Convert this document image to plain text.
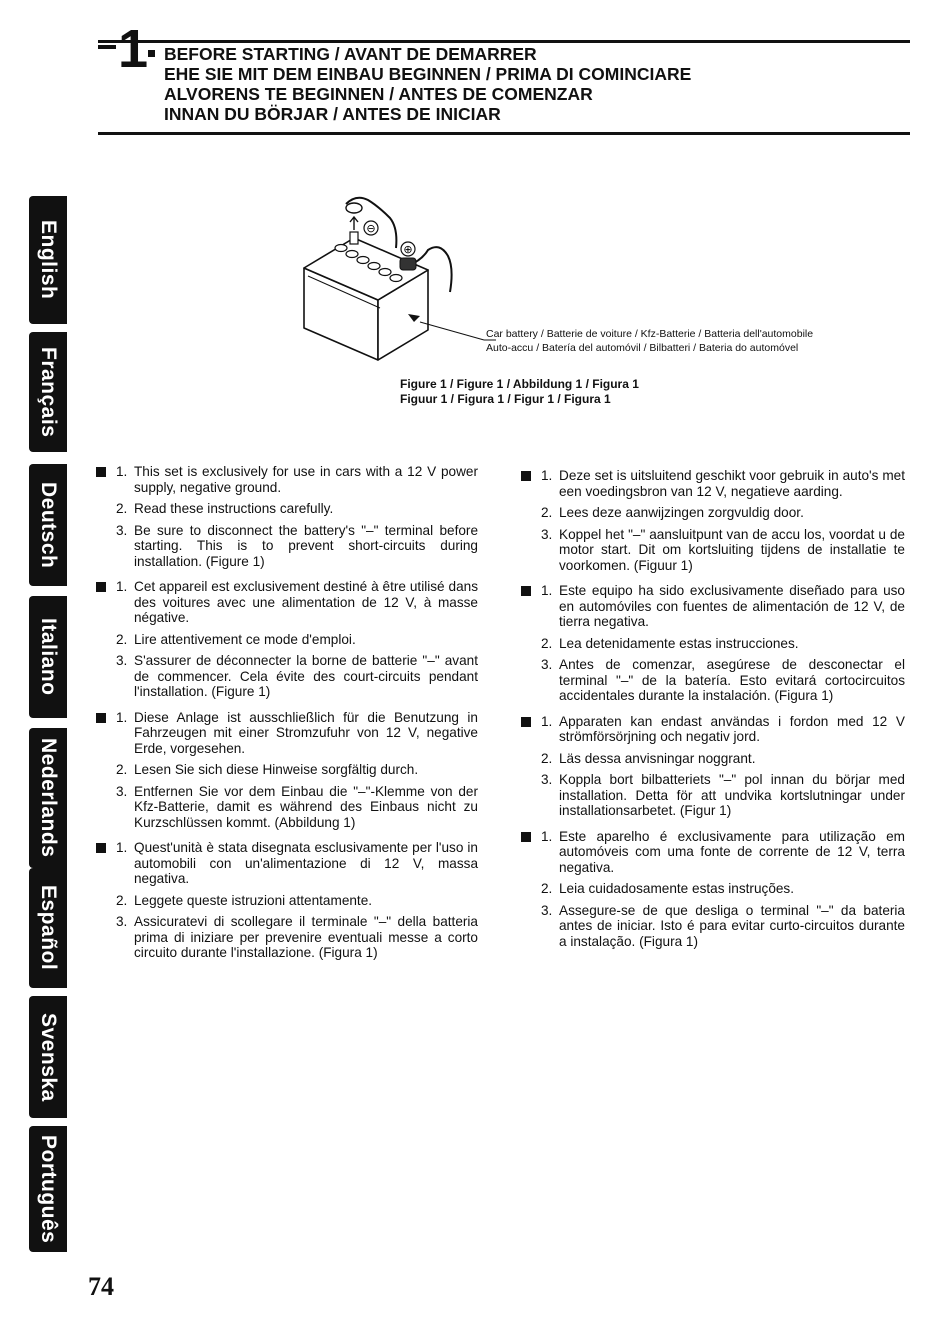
1 BEFORE STARTING / AVANT DE DEMARRER
EHE SIE MIT DEM EINBAU BEGINNEN / PRIMA DI COMINCIARE
ALVORENS TE BEGINNEN / ANTES DE COMENZAR
INNAN DU BÖRJAR / ANTES DE INICIAR
English
Français
Deutsch
Italiano
Nederlands
Español
Svenska
Português
⊖
⊕
Car battery / Batterie de voiture / Kfz-Batterie / Batteria dell'automobile
Auto-accu / Batería del automóvil / Bilbatteri / Bateria do automóvel
Figure 1 / Figure 1 / Abbildung 1 / Figura 1
Figuur 1 / Figura 1 / Figur 1 / Figura 1
1. This set is exclusively for use in cars with a 12 V power supply, negative ground.
2. Read these instructions carefully.
3. Be sure to disconnect the battery's "–" terminal before starting. This is to prevent short-circuits during installation. (Figure 1)
1. Cet appareil est exclusivement destiné à être utilisé dans des voitures avec une alimentation de 12 V, à masse négative.
2. Lire attentivement ce mode d'emploi.
3. S'assurer de déconnecter la borne de batterie "–" avant de commencer. Cela évite des court-circuits pendant l'installation. (Figure 1)
1. Diese Anlage ist ausschließlich für die Benutzung in Fahrzeugen mit einer Stromzufuhr von 12 V, negative Erde, vorgesehen.
2. Lesen Sie sich diese Hinweise sorgfältig durch.
3. Entfernen Sie vor dem Einbau die "–"-Klemme von der Kfz-Batterie, damit es während des Einbaus nicht zu Kurzschlüssen kommt. (Abbildung 1)
1. Quest'unità è stata disegnata esclusivamente per l'uso in automobili con un'alimentazione di 12 V, massa negativa.
2. Leggete queste istruzioni attentamente.
3. Assicuratevi di scollegare il terminale "–" della batteria prima di iniziare per prevenire eventuali messe a corto circuito durante l'installazione. (Figura 1)
1. Deze set is uitsluitend geschikt voor gebruik in auto's met een voedingsbron van 12 V, negatieve aarding.
2. Lees deze aanwijzingen zorgvuldig door.
3. Koppel het "–" aansluitpunt van de accu los, voordat u de motor start. Dit om kortsluiting tijdens de installatie te voorkomen. (Figuur 1)
1. Este equipo ha sido exclusivamente diseñado para uso en automóviles con fuentes de alimentación de 12 V, de tierra negativa.
2. Lea detenidamente estas instrucciones.
3. Antes de comenzar, asegúrese de desconectar el terminal "–" de la batería. Esto evitará cortocircuitos accidentales durante la instalación. (Figura 1)
1. Apparaten kan endast användas i fordon med 12 V strömförsörjning och negativ jord.
2. Läs dessa anvisningar noggrant.
3. Koppla bort bilbatteriets "–" pol innan du börjar med installation. Detta för att undvika kortslutningar under installationsarbetet. (Figur 1)
1. Este aparelho é exclusivamente para utilização em automóveis com uma fonte de corrente de 12 V, terra negativa.
2. Leia cuidadosamente estas instruções.
3. Assegure-se de que desliga o terminal "–" da bateria antes de iniciar. Isto é para evitar curto-circuitos durante a instalação. (Figura 1)
74
